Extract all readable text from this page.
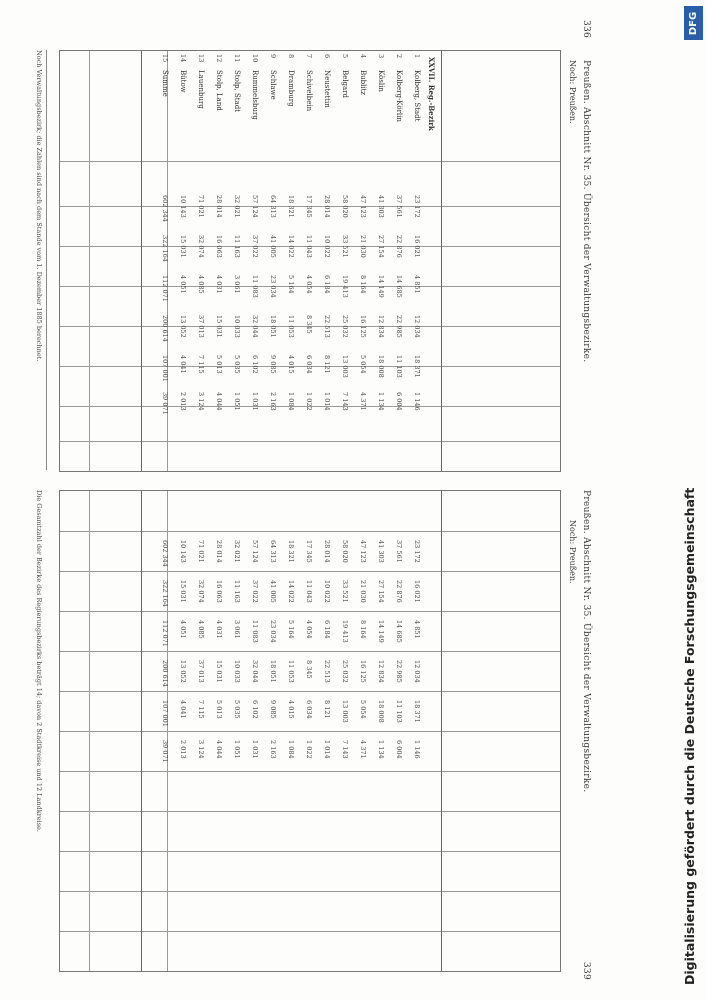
336
Preußen. Abschnitt Nr. 35. Übersicht der Verwaltungsbezirke.
Preußen. Abschnitt Nr. 35. Übersicht der Verwaltungsbezirke.
339
Noch: Preußen.
Noch: Preußen.
XXVII. Reg.-Bezirk
Noch Verwaltungsbezirk; die Zahlen sind nach dem Stande vom 1. Dezember 1885 berechnet.
Die Gesamtzahl der Bezirke des Regierungsbezirks beträgt 14; davon 2 Stadtkreise und 12 Landkreise.
1
Kolberg, Stadt
23 172
23 172
16 021
16 021
4 851
4 851
12 034
12 034
18 371
18 371
1 146
1 146
2
Kolberg-Körlin
37 561
37 561
22 876
22 876
14 685
14 685
22 985
22 985
11 103
11 103
6 004
6 004
3
Köslin
41 303
41 303
27 154
27 154
14 149
14 149
12 834
12 834
18 008
18 008
1 134
1 134
4
Bublitz
47 123
47 123
21 030
21 030
8 164
8 164
16 125
16 125
5 054
5 054
4 371
4 371
5
Belgard
58 020
58 020
33 521
33 521
19 413
19 413
25 032
25 032
13 003
13 003
7 143
7 143
6
Neustettin
28 014
28 014
10 022
10 022
6 184
6 184
22 513
22 513
8 121
8 121
1 014
1 014
7
Schivelbein
17 345
17 345
11 043
11 043
4 054
4 054
8 345
8 345
6 034
6 034
1 022
1 022
8
Dramburg
18 321
18 321
14 022
14 022
5 164
5 164
11 053
11 053
4 015
4 015
1 084
1 084
9
Schlawe
64 313
64 313
41 005
41 005
23 034
23 034
18 051
18 051
9 085
9 085
2 163
2 163
10
Rummelsburg
57 124
57 124
37 022
37 022
11 083
11 083
32 044
32 044
6 102
6 102
1 031
1 031
11
Stolp, Stadt
32 021
32 021
11 163
11 163
3 061
3 061
10 033
10 033
5 035
5 035
1 051
1 051
12
Stolp, Land
28 014
28 014
16 063
16 063
4 031
4 031
15 031
15 031
5 013
5 013
4 044
4 044
13
Lauenburg
71 021
71 021
32 074
32 074
4 085
4 085
37 013
37 013
7 115
7 115
3 124
3 124
14
Bütow
10 143
10 143
15 031
15 031
4 051
4 051
13 052
13 052
4 041
4 041
2 013
2 013
15
Summe
602 344
602 344
322 164
322 164
112 071
112 071
200 614
200 614
107 001
107 001
39 071
39 071
DFG
Digitalisierung gefördert durch die Deutsche Forschungsgemeinschaft
